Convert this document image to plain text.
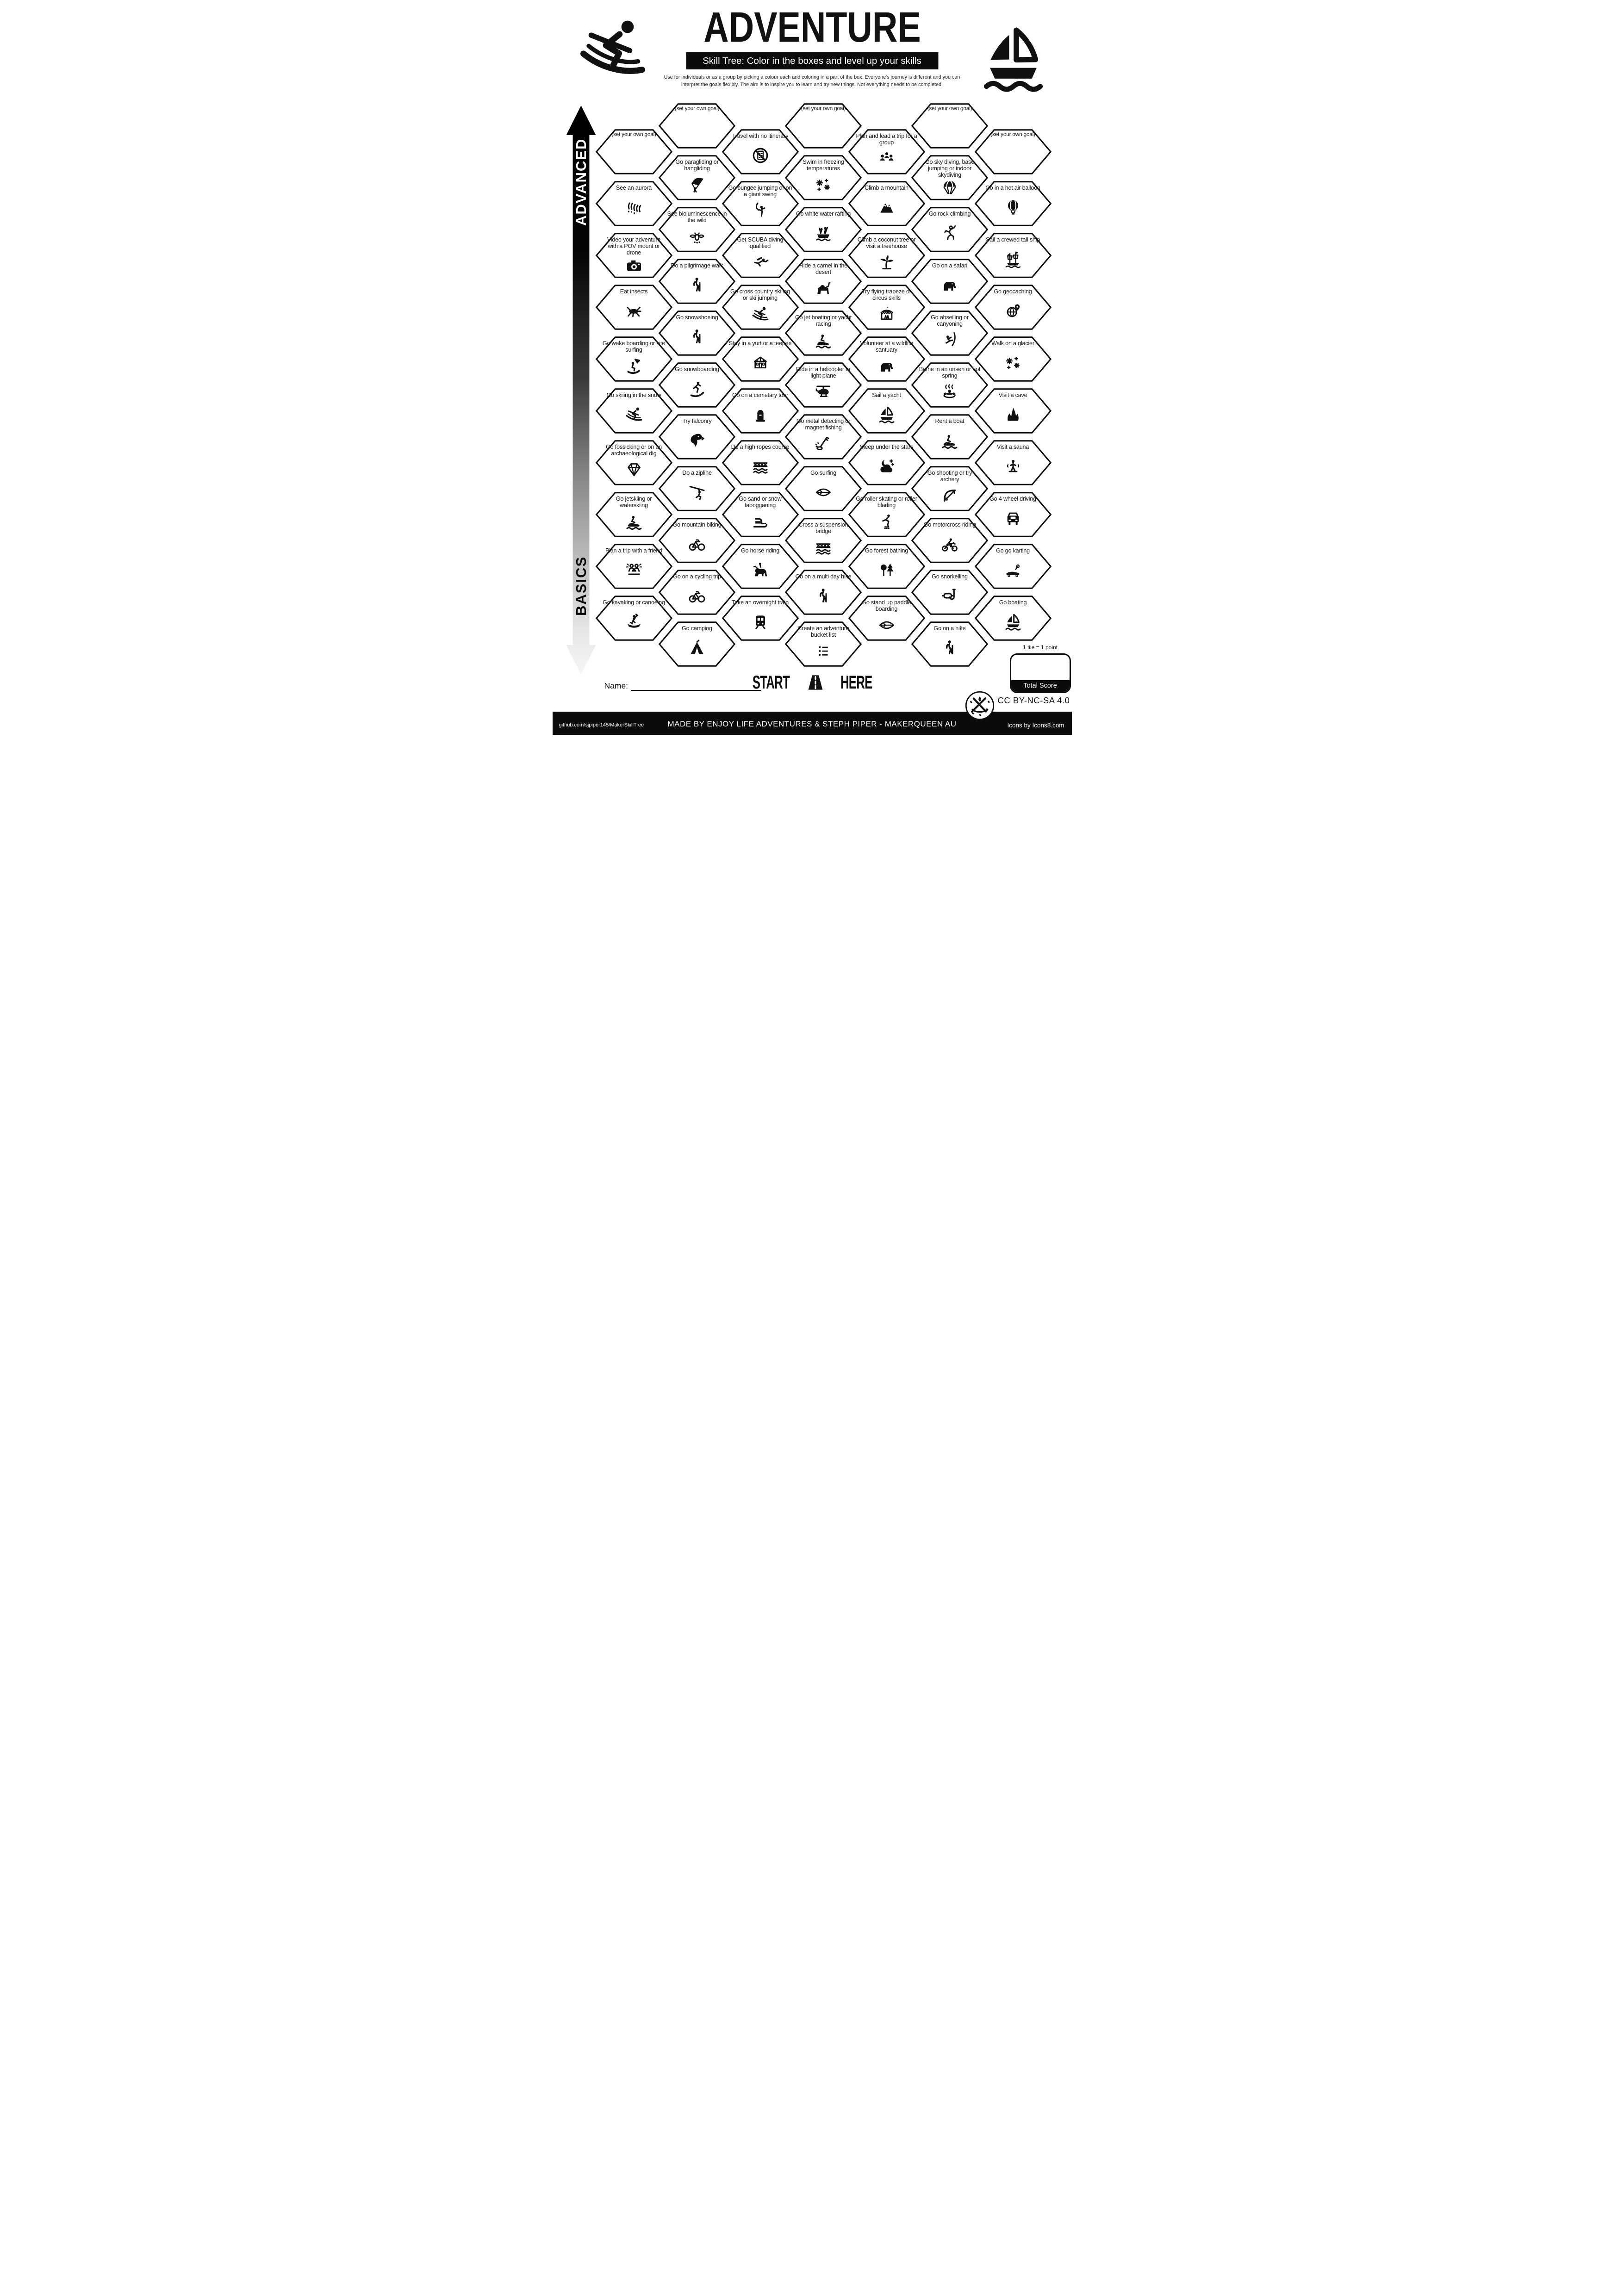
ADVENTURE
Skill Tree: Color in the boxes and level up your skills
Use for individuals or as a group by picking a colour each and coloring in a part of the box. Everyone's journey is different and you can interpret the goals flexibly. The aim is to inspire you to learn and try new things. Not everything needs to be completed.
ADVANCED
BASICS
(set your own goal)
See an aurora
Video your adventure with a POV mount or drone
Eat insects
Go wake boarding or kite surfing
Go skiiing in the snow
Go fossicking or on an archaeological dig
Go jetskiing or waterskiing
Plan a trip with a friend
Go kayaking or canoeing
(set your own goal)
Go paragliding or hangliding
See bioluminescence in the wild
Do a pilgrimage walk
Go snowshoeing
Go snowboarding
Try falconry
Do a zipline
Go mountain biking
Go on a cycling trip
Go camping
Travel with no itinerary
Go bungee jumping or on a giant swing
Get SCUBA diving qualified
Go cross country skiiing or ski jumping
Stay in a yurt or a teepee
Go on a cemetary tour
Do a high ropes course
Go sand or snow tabogganing
Go horse riding
Take an overnight train
(set your own goal)
Swim in freezing temperatures
Go white water rafting
Ride a camel in the desert
Go jet boating or yacht racing
Ride in a helicopter or light plane
Go metal detecting or magnet fishing
Go surfing
Cross a suspension bridge
Go on a multi day hike
Create an adventure bucket list
Plan and lead a trip for a group
Climb a mountain
Climb a coconut tree or visit a treehouse
Try flying trapeze or circus skills
Volunteer at a wildlife santuary
Sail a yacht
Sleep under the stars
Go roller skating or roller blading
Go forest bathing
Go stand up paddle boarding
(set your own goal)
Go sky diving, base jumping or indoor skydiving
Go rock climbing
Go on a safari
Go abseiling or canyoning
Bathe in an onsen or hot spring
Rent a boat
Go shooting or try archery
Go motorcross riding
Go snorkelling
Go on a hike
(set your own goal)
Go in a hot air balloon
Sail a crewed tall ship
Go geocaching
Walk on a glacier
Visit a cave
Visit a sauna
Go 4 wheel driving
Go go karting
Go boating
START	HERE
Name:
1 tile = 1 point
Total Score
CC BY-NC-SA 4.0
github.com/sjpiper145/MakerSkillTree	MADE BY ENJOY LIFE ADVENTURES & STEPH PIPER - MAKERQUEEN AU	Icons by Icons8.com
